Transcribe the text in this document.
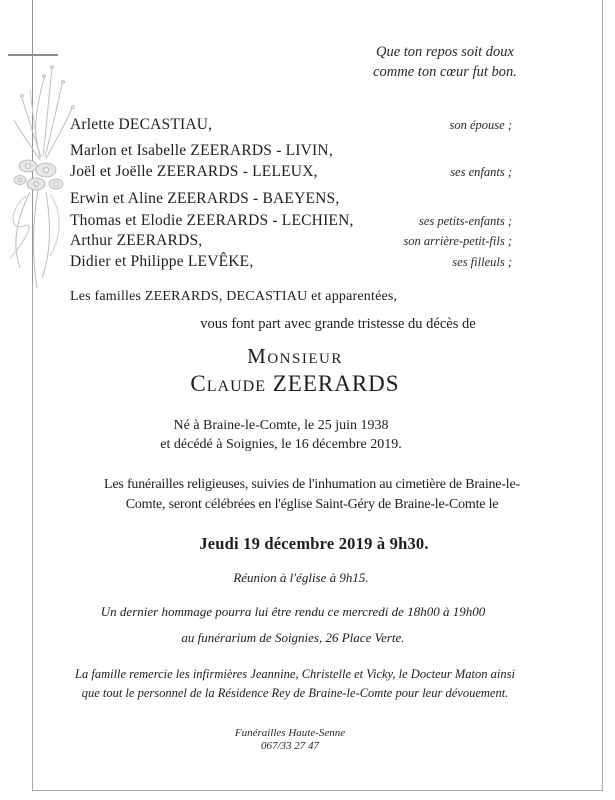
Que ton repos soit doux
comme ton cœur fut bon.
Arlette DECASTIAU,	son épouse ;
Marlon et Isabelle ZEERARDS - LIVIN,
Joël et Joëlle ZEERARDS - LELEUX,	ses enfants ;
Erwin et Aline ZEERARDS - BAEYENS,
Thomas et Elodie ZEERARDS - LECHIEN,	ses petits-enfants ;
Arthur ZEERARDS,	son arrière-petit-fils ;
Didier et Philippe LEVÊKE,	ses filleuls ;
Les familles ZEERARDS, DECASTIAU et apparentées,
vous font part avec grande tristesse du décès de
Monsieur
Claude ZEERARDS
Né à Braine-le-Comte, le 25 juin 1938
et décédé à Soignies, le 16 décembre 2019.
Les funérailles religieuses, suivies de l'inhumation au cimetière de Braine-le-
Comte, seront célébrées en l'église Saint-Géry de Braine-le-Comte le
Jeudi 19 décembre 2019 à 9h30.
Réunion à l'église à 9h15.
Un dernier hommage pourra lui être rendu ce mercredi de 18h00 à 19h00
au funérarium de Soignies, 26 Place Verte.
La famille remercie les infirmières Jeannine, Christelle et Vicky, le Docteur Maton ainsi
que tout le personnel de la Résidence Rey de Braine-le-Comte pour leur dévouement.
Funérailles Haute-Senne
067/33 27 47
